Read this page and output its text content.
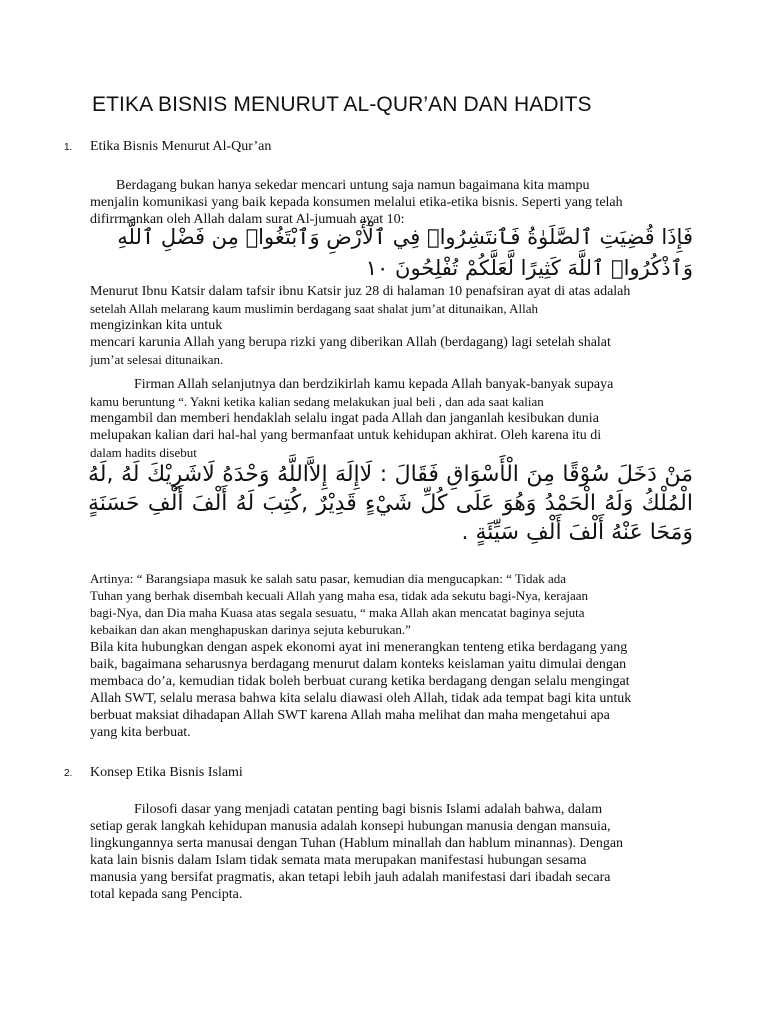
ETIKA BISNIS MENURUT AL-QUR’AN DAN HADITS
1. Etika Bisnis Menurut Al-Qur’an
Berdagang bukan hanya sekedar mencari untung saja namun bagaimana kita mampu
menjalin komunikasi yang baik kepada konsumen melalui etika-etika bisnis. Seperti yang telah
difirrmankan oleh Allah dalam surat Al-jumuah ayat 10:
فَإِذَا قُضِيَتِ ٱلصَّلَوٰةُ فَٱنتَشِرُوا۟ فِي ٱلْأَرْضِ وَٱبْتَغُوا۟ مِن فَضْلِ ٱللَّهِ وَٱذْكُرُوا۟ ٱللَّهَ كَثِيرًا لَّعَلَّكُمْ تُفْلِحُونَ ١٠
Menurut Ibnu Katsir dalam tafsir ibnu Katsir juz 28 di halaman 10 penafsiran ayat di atas adalah
setelah Allah melarang kaum muslimin berdagang saat shalat jum’at ditunaikan, Allah
mengizinkan kita untuk
mencari karunia Allah yang berupa rizki yang diberikan Allah (berdagang) lagi setelah shalat
jum’at selesai ditunaikan.
Firman Allah selanjutnya dan berdzikirlah kamu kepada Allah banyak-banyak supaya
kamu beruntung “. Yakni ketika kalian sedang melakukan jual beli , dan ada saat kalian
mengambil dan memberi hendaklah selalu ingat pada Allah dan janganlah kesibukan dunia
melupakan kalian dari hal-hal yang bermanfaat untuk kehidupan akhirat. Oleh karena itu di
dalam hadits disebut
مَنْ دَخَلَ سُوْقًا مِنَ الْأَسْوَاقِ فَقَالَ : لَاإِلَهَ إِلاَّاللَّهُ وَحْدَهُ لَاشَرِيْكَ لَهُ ,لَهُ الْمُلْكُ وَلَهُ الْحَمْدُ وَهُوَ عَلَى كُلِّ شَيْءٍ قَدِيْرٌ ,كُتِبَ لَهُ أَلْفَ أَلْفِ حَسَنَةٍ وَمَحَا عَنْهُ أَلْفَ أَلْفِ سَيِّئَةٍ .
Artinya: “ Barangsiapa masuk ke salah satu pasar, kemudian dia mengucapkan: “ Tidak ada
Tuhan yang berhak disembah kecuali Allah yang maha esa, tidak ada sekutu bagi-Nya, kerajaan
bagi-Nya, dan Dia maha Kuasa atas segala sesuatu, “ maka Allah akan mencatat baginya sejuta
kebaikan dan akan menghapuskan darinya sejuta keburukan.”
Bila kita hubungkan dengan aspek ekonomi ayat ini menerangkan tenteng etika berdagang yang
baik, bagaimana seharusnya berdagang menurut dalam konteks keislaman yaitu dimulai dengan
membaca do’a, kemudian tidak boleh berbuat curang ketika berdagang dengan selalu mengingat
Allah SWT, selalu merasa bahwa kita selalu diawasi oleh Allah, tidak ada tempat bagi kita untuk
berbuat maksiat dihadapan Allah SWT karena Allah maha melihat dan maha mengetahui apa
yang kita berbuat.
2. Konsep Etika Bisnis Islami
Filosofi dasar yang menjadi catatan penting bagi bisnis Islami adalah bahwa, dalam
setiap gerak langkah kehidupan manusia adalah konsepi hubungan manusia dengan mansuia,
lingkungannya serta manusai dengan Tuhan (Hablum minallah dan hablum minannas). Dengan
kata lain bisnis dalam Islam tidak semata mata merupakan manifestasi hubungan sesama
manusia yang bersifat pragmatis, akan tetapi lebih jauh adalah manifestasi dari ibadah secara
total kepada sang Pencipta.
